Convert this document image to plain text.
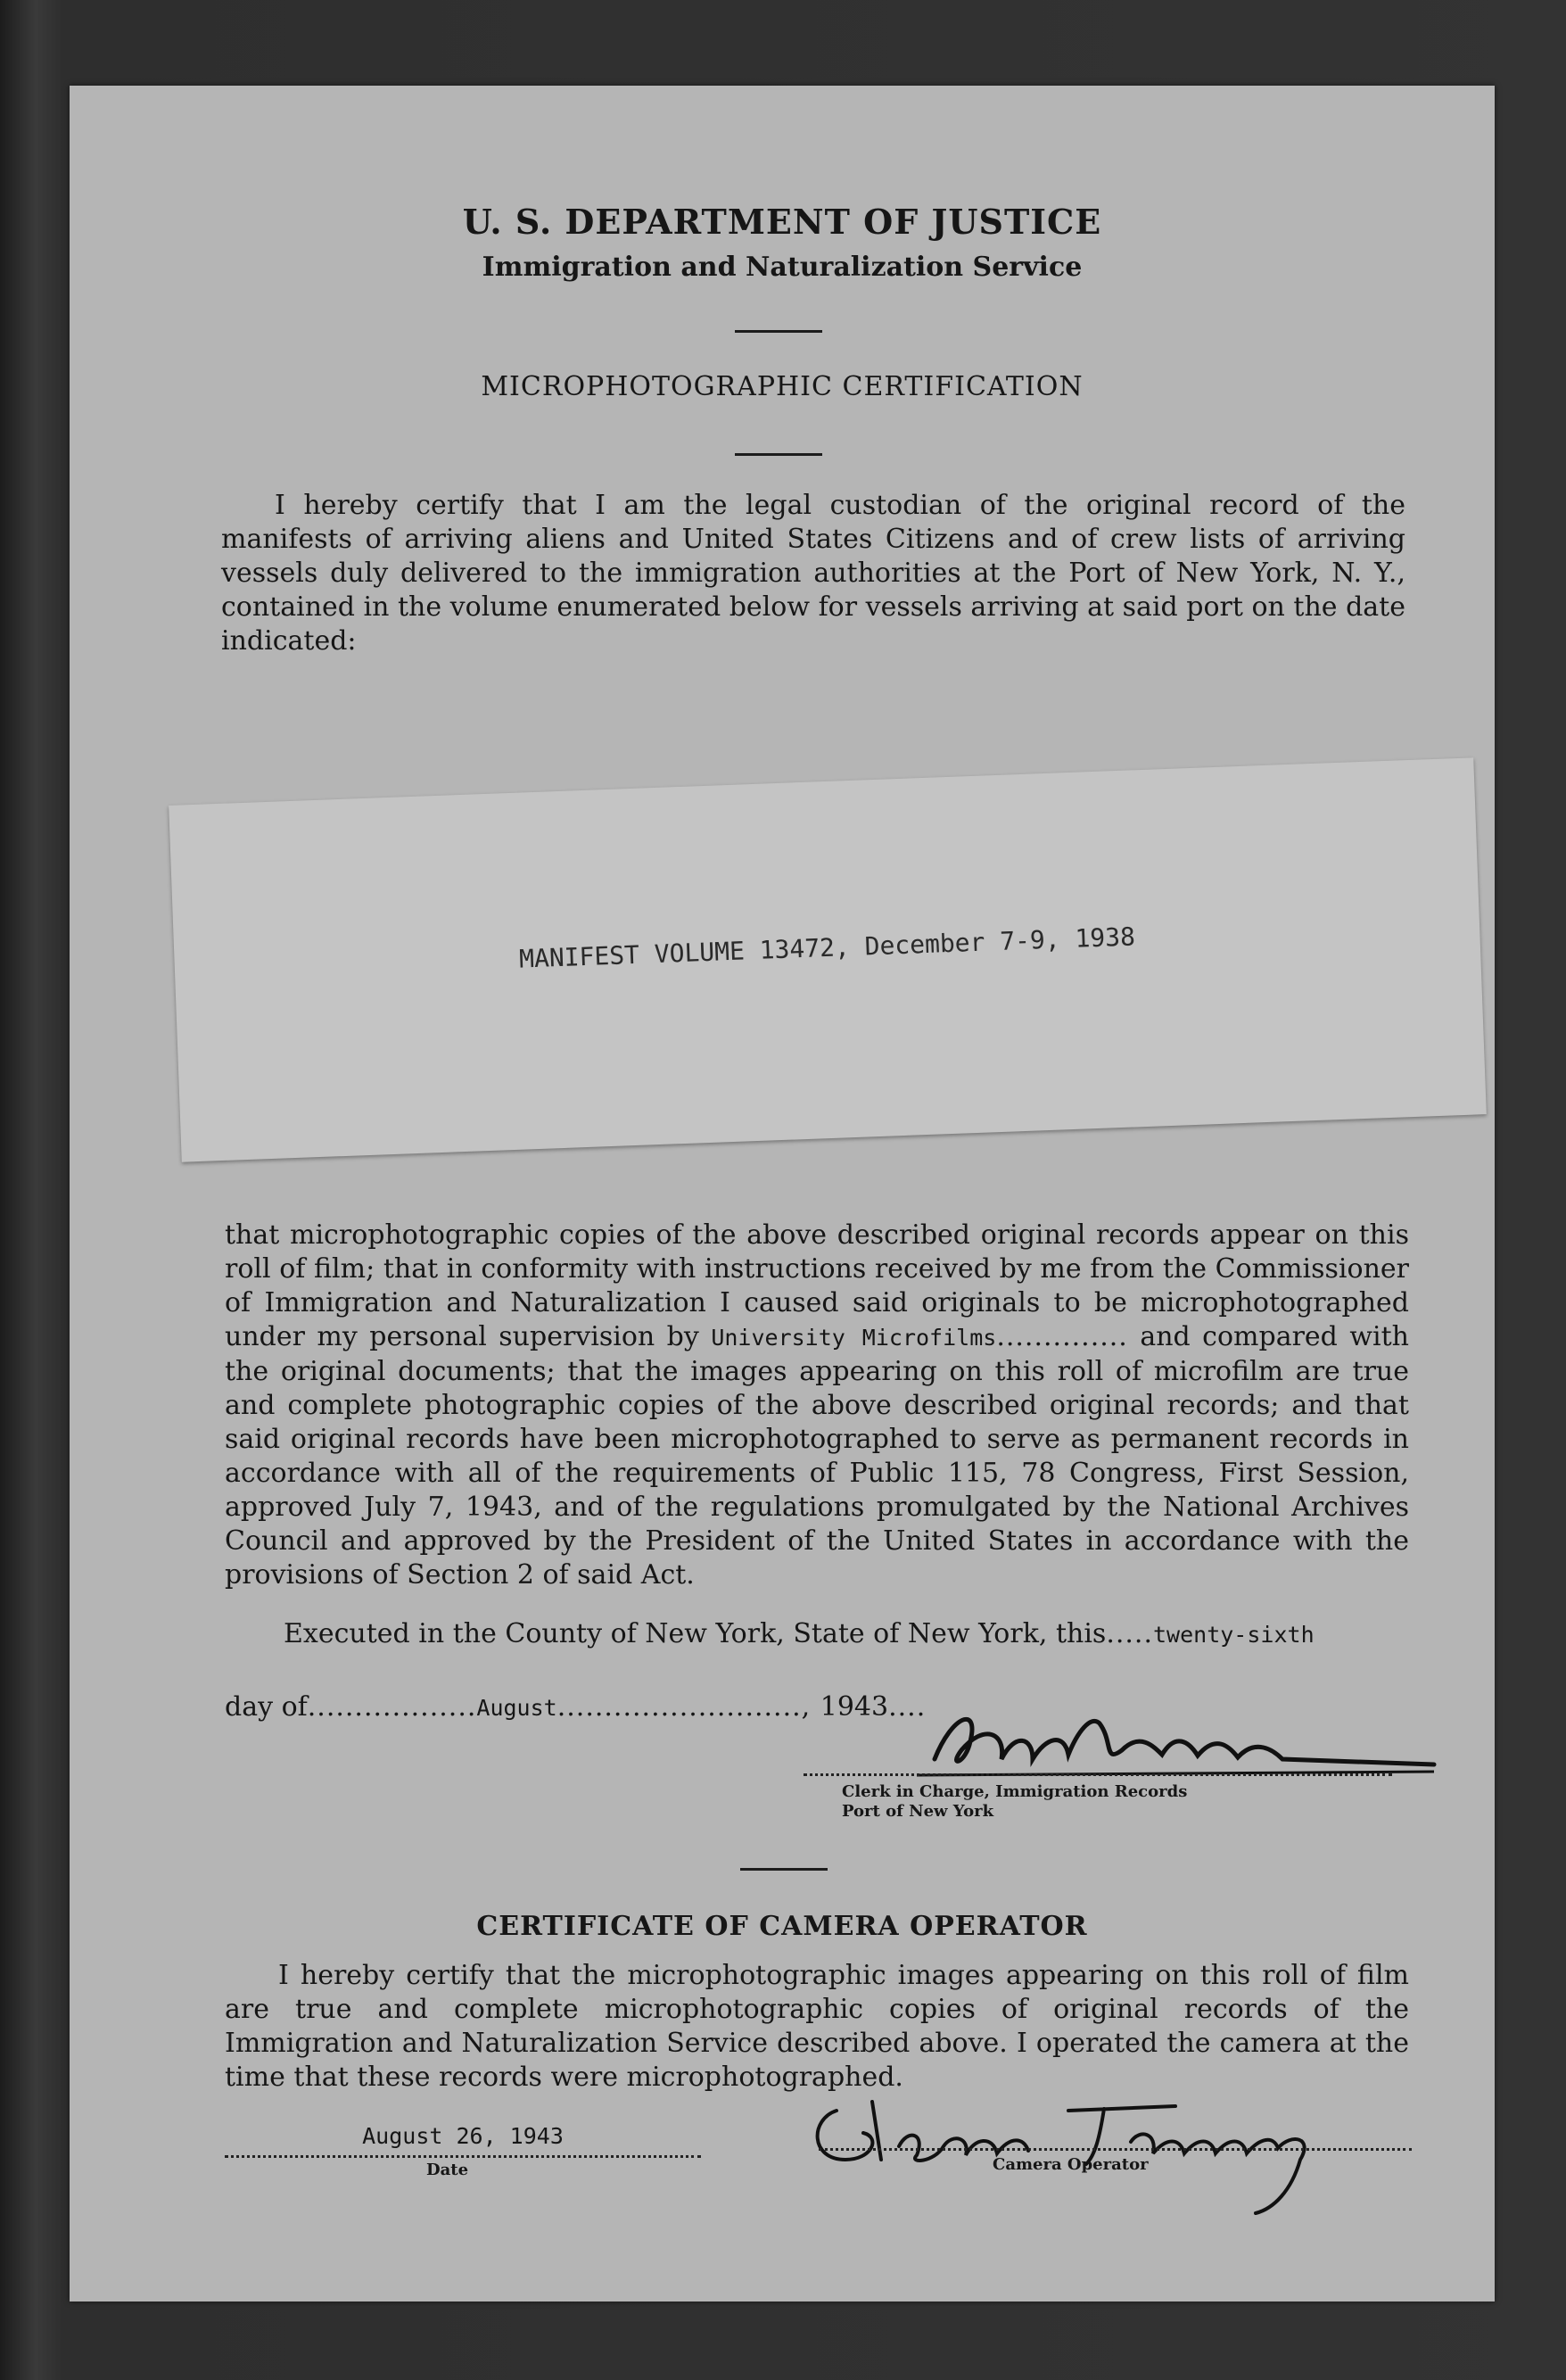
U. S. DEPARTMENT OF JUSTICE
Immigration and Naturalization Service
MICROPHOTOGRAPHIC CERTIFICATION
I hereby certify that I am the legal custodian of the original record of the manifests of arriving aliens and United States Citizens and of crew lists of arriving vessels duly delivered to the immigration authorities at the Port of New York, N. Y., contained in the volume enumerated below for vessels arriving at said port on the date indicated:
MANIFEST VOLUME 13472, December 7-9, 1938
that microphotographic copies of the above described original records appear on this roll of film; that in conformity with instructions received by me from the Commissioner of Immigration and Naturalization I caused said originals to be microphotographed under my personal supervision by University Microfilms.............. and compared with the original documents; that the images appearing on this roll of microfilm are true and complete photographic copies of the above described original records; and that said original records have been microphotographed to serve as permanent records in accordance with all of the requirements of Public 115, 78 Congress, First Session, approved July 7, 1943, and of the regulations promulgated by the National Archives Council and approved by the President of the United States in accordance with the provisions of Section 2 of said Act.
Executed in the County of New York, State of New York, this.....twenty-sixth
day of..................August.........................., 1943....
Clerk in Charge, Immigration Records
Port of New York
CERTIFICATE OF CAMERA OPERATOR
I hereby certify that the microphotographic images appearing on this roll of film are true and complete microphotographic copies of original records of the Immigration and Naturalization Service described above. I operated the camera at the time that these records were microphotographed.
August 26, 1943
Date	Camera Operator
